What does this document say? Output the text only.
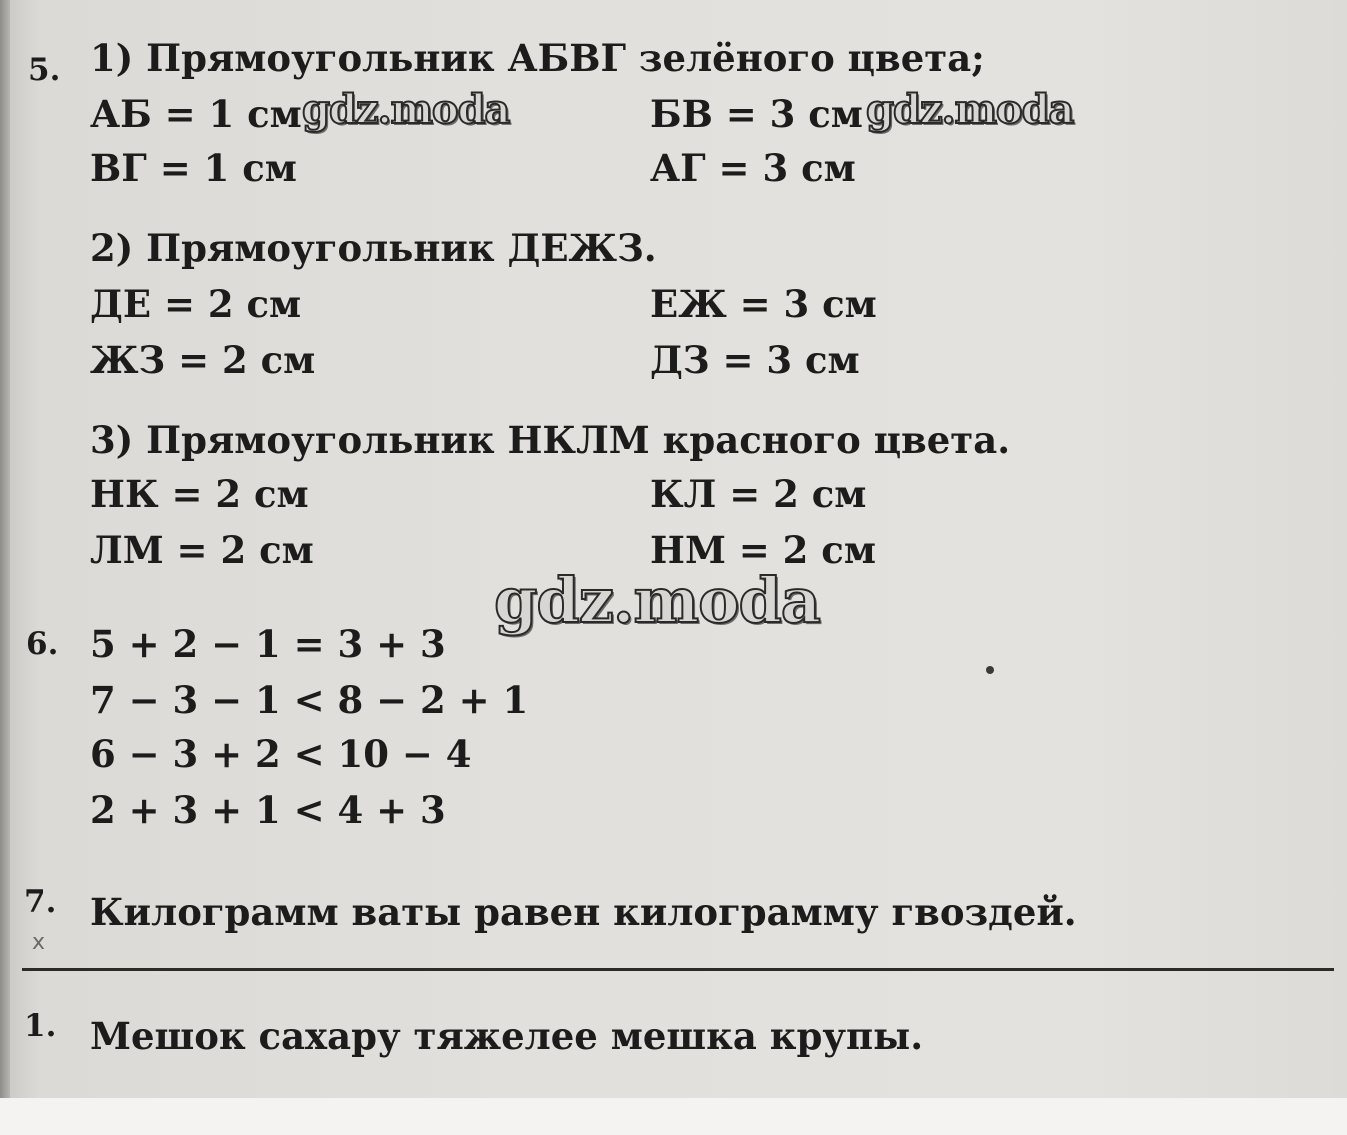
5. 1) Прямоугольник АБВГ зелёного цвета;
АБ = 1 см	БВ = 3 см
ВГ = 1 см	АГ = 3 см
2) Прямоугольник ДЕЖЗ.
ДЕ = 2 см	ЕЖ = 3 см
ЖЗ = 2 см	ДЗ = 3 см
3) Прямоугольник НКЛМ красного цвета.
НК = 2 см	КЛ = 2 см
ЛМ = 2 см	НМ = 2 см
6. 5 + 2 − 1 = 3 + 3
7 − 3 − 1 < 8 − 2 + 1
6 − 3 + 2 < 10 − 4
2 + 3 + 1 < 4 + 3
7. Килограмм ваты равен килограмму гвоздей.
x
1. Мешок сахару тяжелее мешка крупы.
gdz.moda	gdz.moda
gdz.moda
